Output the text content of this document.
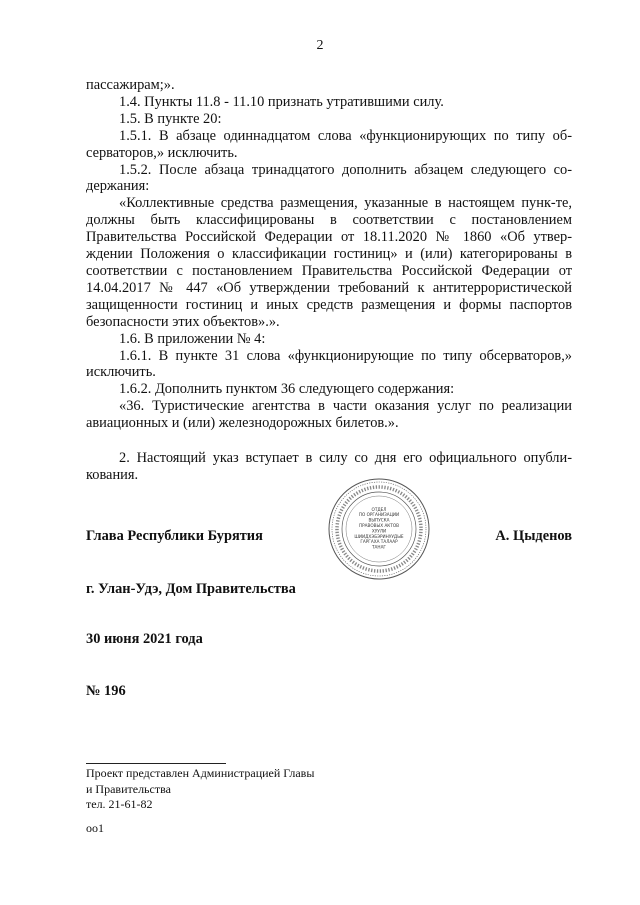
2

пассажирам;».

1.4. Пункты 11.8 - 11.10 признать утратившими силу.

1.5. В пункте 20:

1.5.1. В абзаце одиннадцатом слова «функционирующих по типу об-серваторов,» исключить.

1.5.2. После абзаца тринадцатого дополнить абзацем следующего со-держания:

«Коллективные средства размещения, указанные в настоящем пунк-те, должны быть классифицированы в соответствии с постановлением Правительства Российской Федерации от 18.11.2020 № 1860 «Об утвер-ждении Положения о классификации гостиниц» и (или) категорированы в соответствии с постановлением Правительства Российской Федерации от 14.04.2017 № 447 «Об утверждении требований к антитеррористической защищенности гостиниц и иных средств размещения и формы паспортов безопасности этих объектов».».

1.6. В приложении № 4:

1.6.1. В пункте 31 слова «функционирующие по типу обсерваторов,» исключить.

1.6.2. Дополнить пунктом 36 следующего содержания:

«36. Туристические агентства в части оказания услуг по реализации авиационных и (или) железнодорожных билетов.».

2. Настоящий указ вступает в силу со дня его официального опубли-кования.

Глава Республики Бурятия	А. Цыденов
ОТДЕЛ
ПО ОРГАНИЗАЦИИ
ВЫПУСКА
ПРАВОВЫХ АКТОВ
ХУУЛИ
ШИИДХЭБЭРИНУУДЫЕ
ГАРГАХА ТАЛААР
ТАНАГ
г. Улан-Удэ, Дом Правительства
30 июня 2021 года
№ 196
Проект представлен Администрацией Главы
и Правительства
тел. 21-61-82
оо1
